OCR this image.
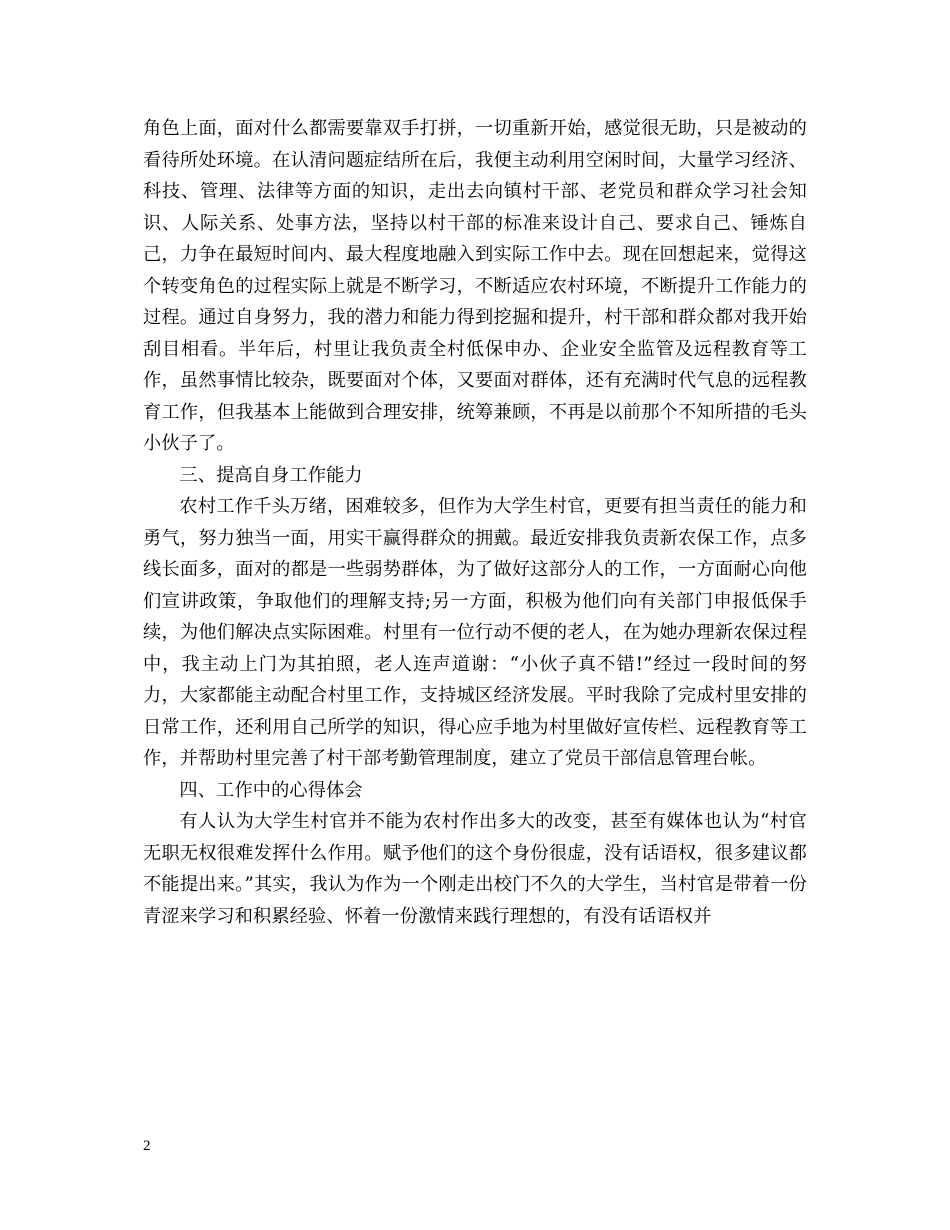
角色上面，面对什么都需要靠双手打拼，一切重新开始，感觉很无助，只是被动的看待所处环境。在认清问题症结所在后，我便主动利用空闲时间，大量学习经济、科技、管理、法律等方面的知识，走出去向镇村干部、老党员和群众学习社会知识、人际关系、处事方法，坚持以村干部的标准来设计自己、要求自己、锤炼自己，力争在最短时间内、最大程度地融入到实际工作中去。现在回想起来，觉得这个转变角色的过程实际上就是不断学习，不断适应农村环境，不断提升工作能力的过程。通过自身努力，我的潜力和能力得到挖掘和提升，村干部和群众都对我开始刮目相看。半年后，村里让我负责全村低保申办、企业安全监管及远程教育等工作，虽然事情比较杂，既要面对个体，又要面对群体，还有充满时代气息的远程教育工作，但我基本上能做到合理安排，统筹兼顾，不再是以前那个不知所措的毛头小伙子了。

三、提高自身工作能力

农村工作千头万绪，困难较多，但作为大学生村官，更要有担当责任的能力和勇气，努力独当一面，用实干赢得群众的拥戴。最近安排我负责新农保工作，点多线长面多，面对的都是一些弱势群体，为了做好这部分人的工作，一方面耐心向他们宣讲政策，争取他们的理解支持;另一方面，积极为他们向有关部门申报低保手续，为他们解决点实际困难。村里有一位行动不便的老人，在为她办理新农保过程中，我主动上门为其拍照，老人连声道谢：“小伙子真不错!”经过一段时间的努力，大家都能主动配合村里工作，支持城区经济发展。平时我除了完成村里安排的日常工作，还利用自己所学的知识，得心应手地为村里做好宣传栏、远程教育等工作，并帮助村里完善了村干部考勤管理制度，建立了党员干部信息管理台帐。

四、工作中的心得体会

有人认为大学生村官并不能为农村作出多大的改变，甚至有媒体也认为“村官无职无权很难发挥什么作用。赋予他们的这个身份很虚，没有话语权，很多建议都不能提出来。”其实，我认为作为一个刚走出校门不久的大学生，当村官是带着一份青涩来学习和积累经验、怀着一份激情来践行理想的，有没有话语权并

2
